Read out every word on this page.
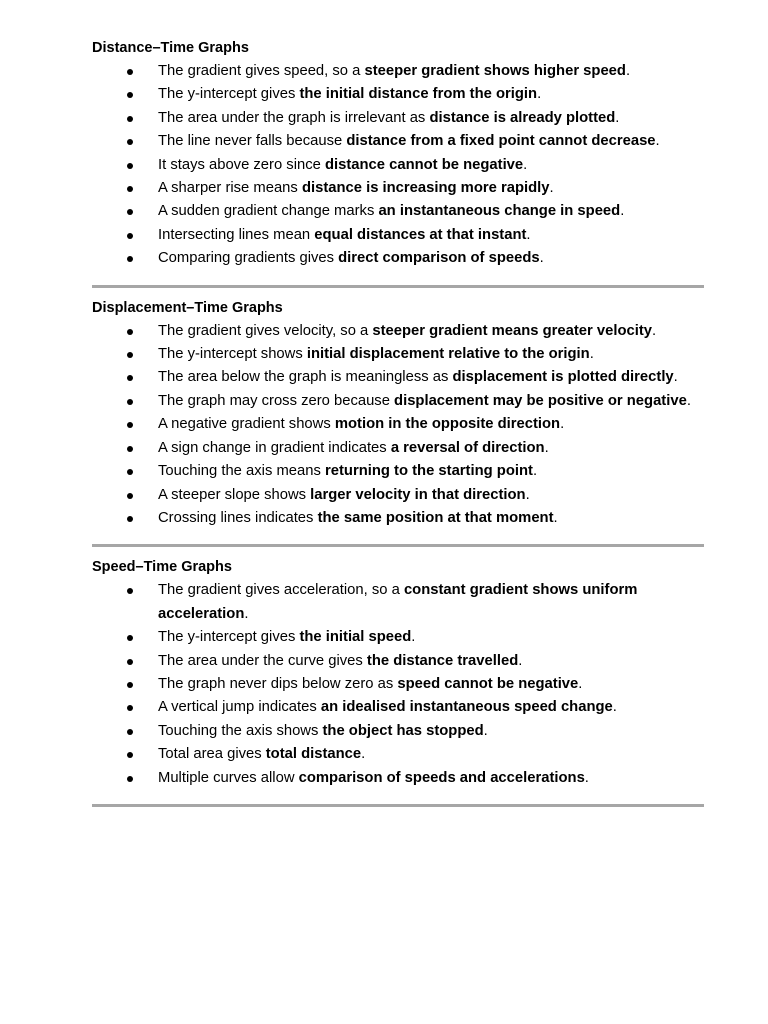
Distance–Time Graphs
The gradient gives speed, so a steeper gradient shows higher speed.
The y-intercept gives the initial distance from the origin.
The area under the graph is irrelevant as distance is already plotted.
The line never falls because distance from a fixed point cannot decrease.
It stays above zero since distance cannot be negative.
A sharper rise means distance is increasing more rapidly.
A sudden gradient change marks an instantaneous change in speed.
Intersecting lines mean equal distances at that instant.
Comparing gradients gives direct comparison of speeds.
Displacement–Time Graphs
The gradient gives velocity, so a steeper gradient means greater velocity.
The y-intercept shows initial displacement relative to the origin.
The area below the graph is meaningless as displacement is plotted directly.
The graph may cross zero because displacement may be positive or negative.
A negative gradient shows motion in the opposite direction.
A sign change in gradient indicates a reversal of direction.
Touching the axis means returning to the starting point.
A steeper slope shows larger velocity in that direction.
Crossing lines indicates the same position at that moment.
Speed–Time Graphs
The gradient gives acceleration, so a constant gradient shows uniform acceleration.
The y-intercept gives the initial speed.
The area under the curve gives the distance travelled.
The graph never dips below zero as speed cannot be negative.
A vertical jump indicates an idealised instantaneous speed change.
Touching the axis shows the object has stopped.
Total area gives total distance.
Multiple curves allow comparison of speeds and accelerations.
